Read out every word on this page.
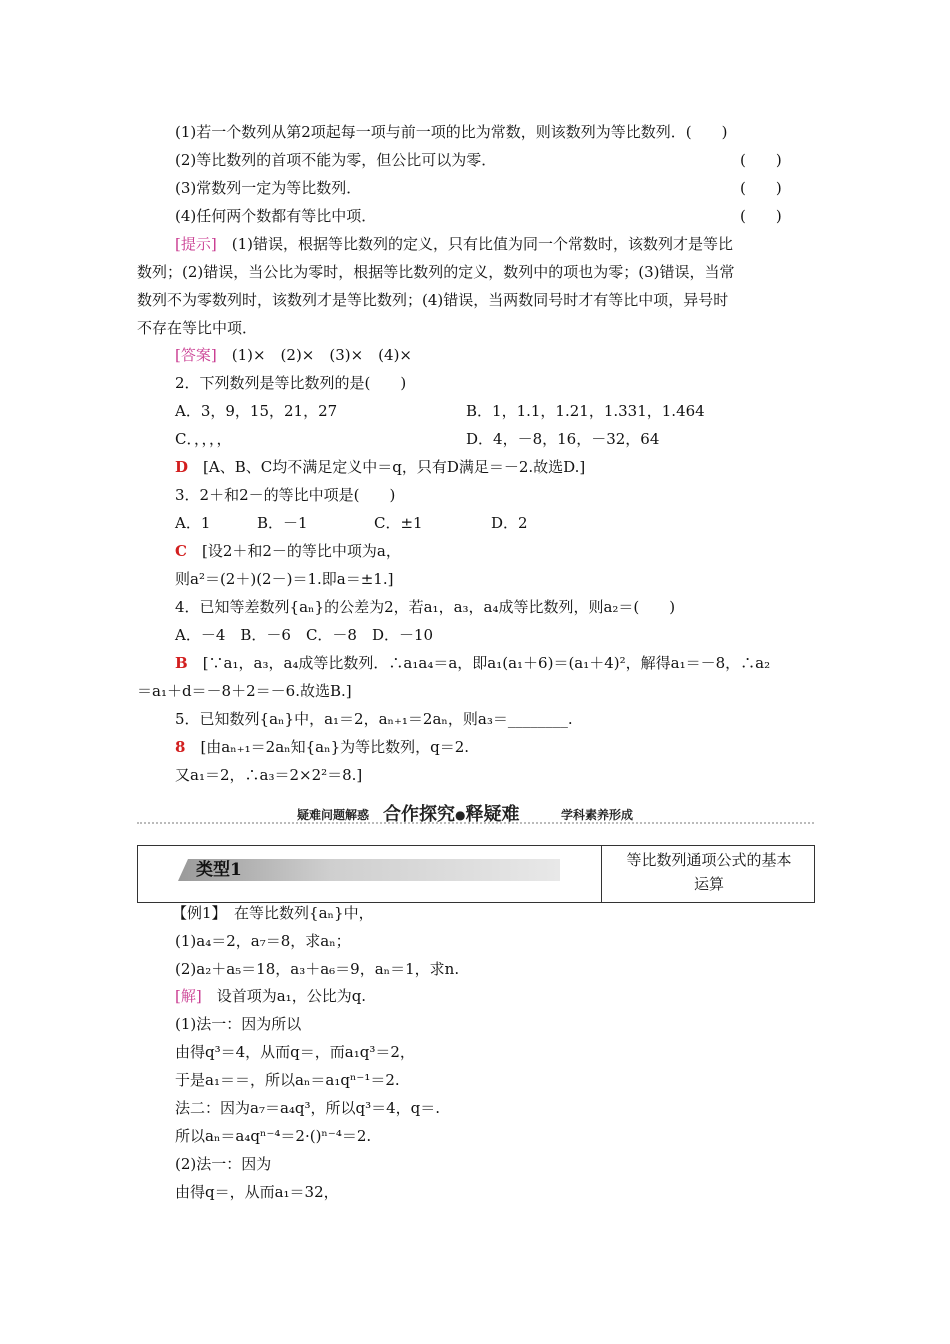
(1)若一个数列从第2项起每一项与前一项的比为常数，则该数列为等比数列．(　　)
(2)等比数列的首项不能为零，但公比可以为零．	(　　)
(3)常数列一定为等比数列．	(　　)
(4)任何两个数都有等比中项．	(　　)
[提示]　 (1)错误，根据等比数列的定义，只有比值为同一个常数时，该数列才是等比
数列；(2)错误，当公比为零时，根据等比数列的定义，数列中的项也为零；(3)错误，当常
数列不为零数列时，该数列才是等比数列；(4)错误，当两数同号时才有等比中项，异号时
不存在等比中项．
[答案]　 (1)×　(2)×　(3)×　(4)×
2．下列数列是等比数列的是(　　)
A．3，9，15，21，27	B．1，1.1，1.21，1.331，1.464
C．，，，，	D．4，－8，16，－32，64
D　 [A、B、C均不满足定义中＝q，只有D满足＝－2.故选D.]
3．2＋和2－的等比中项是(　　)
A．1	B．－1	C．±1	D．2
C　 [设2＋和2－的等比中项为a，
则a²＝(2＋)(2－)＝1.即a＝±1.]
4．已知等差数列{aₙ}的公差为2，若a₁，a₃，a₄成等比数列，则a₂＝(　　)
A．－4　B．－6　C．－8　D．－10
B　 [∵a₁，a₃，a₄成等比数列．∴a₁a₄＝a，即a₁(a₁＋6)＝(a₁＋4)²，解得a₁＝－8，∴a₂
＝a₁＋d＝－8＋2＝－6.故选B.]
5．已知数列{aₙ}中，a₁＝2，aₙ₊₁＝2aₙ，则a₃＝________.
8　 [由aₙ₊₁＝2aₙ知{aₙ}为等比数列，q＝2.
又a₁＝2，∴a₃＝2×2²＝8.]
疑难问题解惑 合作探究●释疑难	学科素养形成
类型1	等比数列通项公式的基本
运算
【例1】　在等比数列{aₙ}中，
(1)a₄＝2，a₇＝8，求aₙ；
(2)a₂＋a₅＝18，a₃＋a₆＝9，aₙ＝1，求n.
[解]　 设首项为a₁，公比为q.
(1)法一：因为所以
由得q³＝4，从而q＝，而a₁q³＝2，
于是a₁＝＝，所以aₙ＝a₁qⁿ⁻¹＝2.
法二：因为a₇＝a₄q³，所以q³＝4，q＝.
所以aₙ＝a₄qⁿ⁻⁴＝2·()ⁿ⁻⁴＝2.
(2)法一：因为
由得q＝，从而a₁＝32，
